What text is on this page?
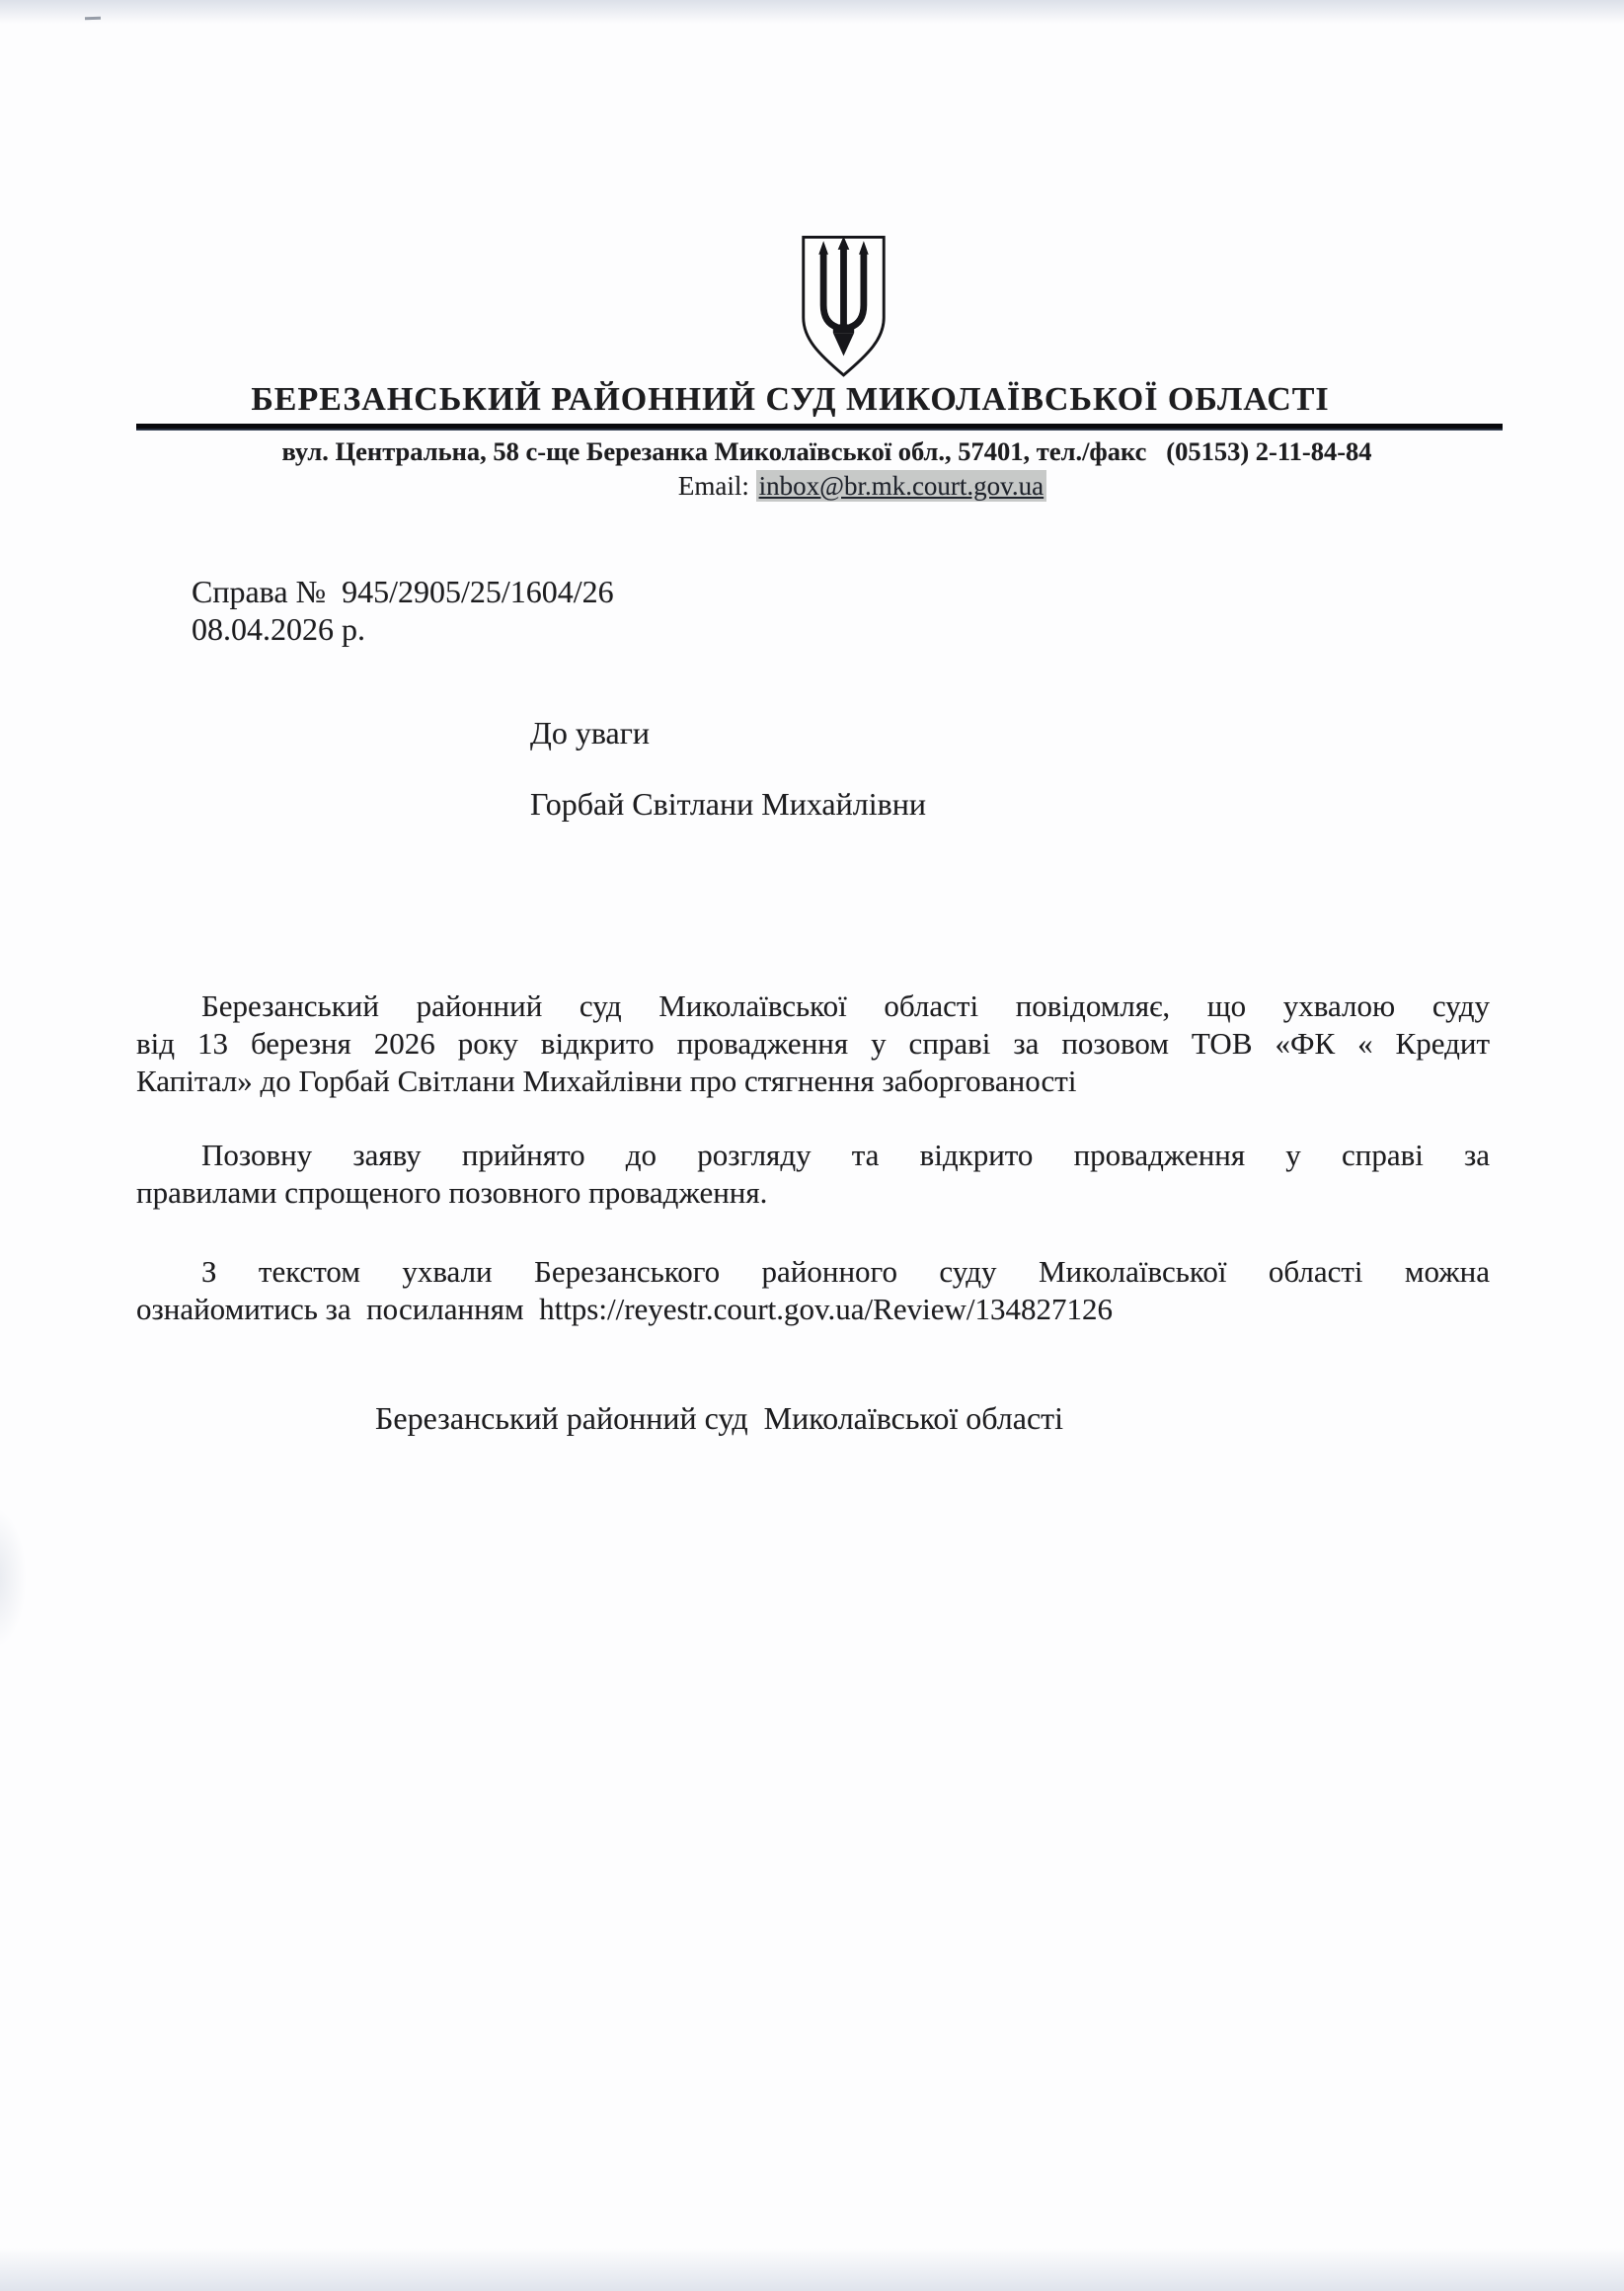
БЕРЕЗАНСЬКИЙ РАЙОННИЙ СУД МИКОЛАЇВСЬКОЇ ОБЛАСТІ
вул. Центральна, 58 с-ще Березанка Миколаївської обл., 57401, тел./факс   (05153) 2-11-84-84
Email: inbox@br.mk.court.gov.ua
Справа №  945/2905/25/1604/26
08.04.2026 р.
До уваги
Горбай Світлани Михайлівни
Березанський районний суд Миколаївської області повідомляє, що ухвалою суду
від 13 березня 2026 року відкрито провадження у справі за позовом ТОВ «ФК « Кредит
Капітал» до Горбай Світлани Михайлівни про стягнення заборгованості
Позовну заяву прийнято до розгляду та відкрито провадження у справі за
правилами спрощеного позовного провадження.
З текстом ухвали Березанського районного суду Миколаївської області можна
ознайомитись за  посиланням  https://reyestr.court.gov.ua/Review/134827126
Березанський районний суд  Миколаївської області
